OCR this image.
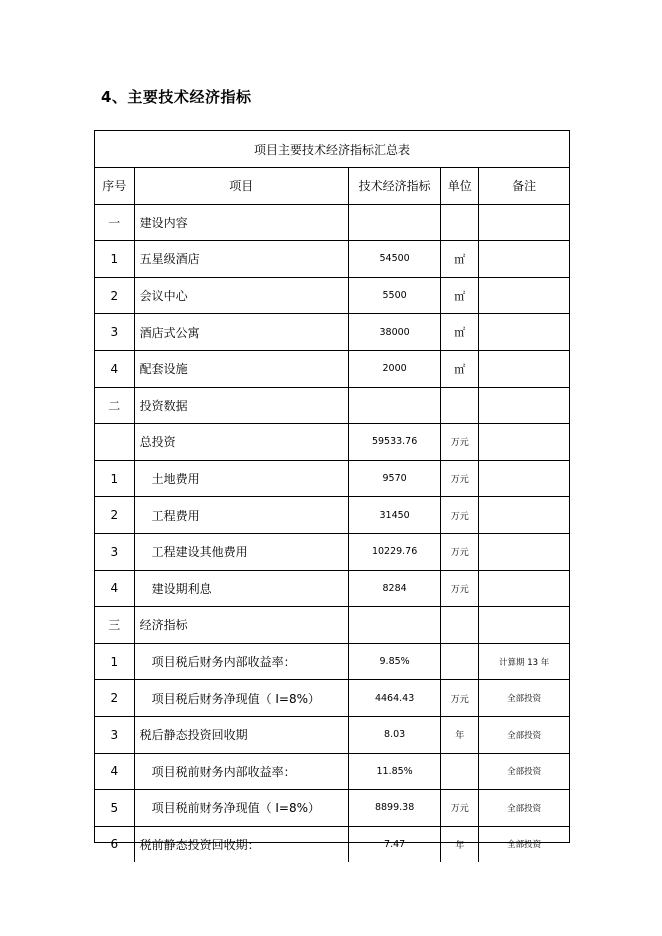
4、主要技术经济指标
项目主要技术经济指标汇总表				
序号	项目	技术经济指标	单位	备注
一	建设内容			
1	五星级酒店	54500	㎡	
2	会议中心	5500	㎡	
3	酒店式公寓	38000	㎡	
4	配套设施	2000	㎡	
二	投资数据			
	总投资	59533.76	万元	
1	土地费用	9570	万元	
2	工程费用	31450	万元	
3	工程建设其他费用	10229.76	万元	
4	建设期利息	8284	万元	
三	经济指标			
1	项目税后财务内部收益率：	9.85%		计算期 13 年
2	项目税后财务净现值（ I=8%）	4464.43	万元	全部投资
3	税后静态投资回收期	8.03	年	全部投资
4	项目税前财务内部收益率：	11.85%		全部投资
5	项目税前财务净现值（ I=8%）	8899.38	万元	全部投资
6	税前静态投资回收期：	7.47	年	全部投资
